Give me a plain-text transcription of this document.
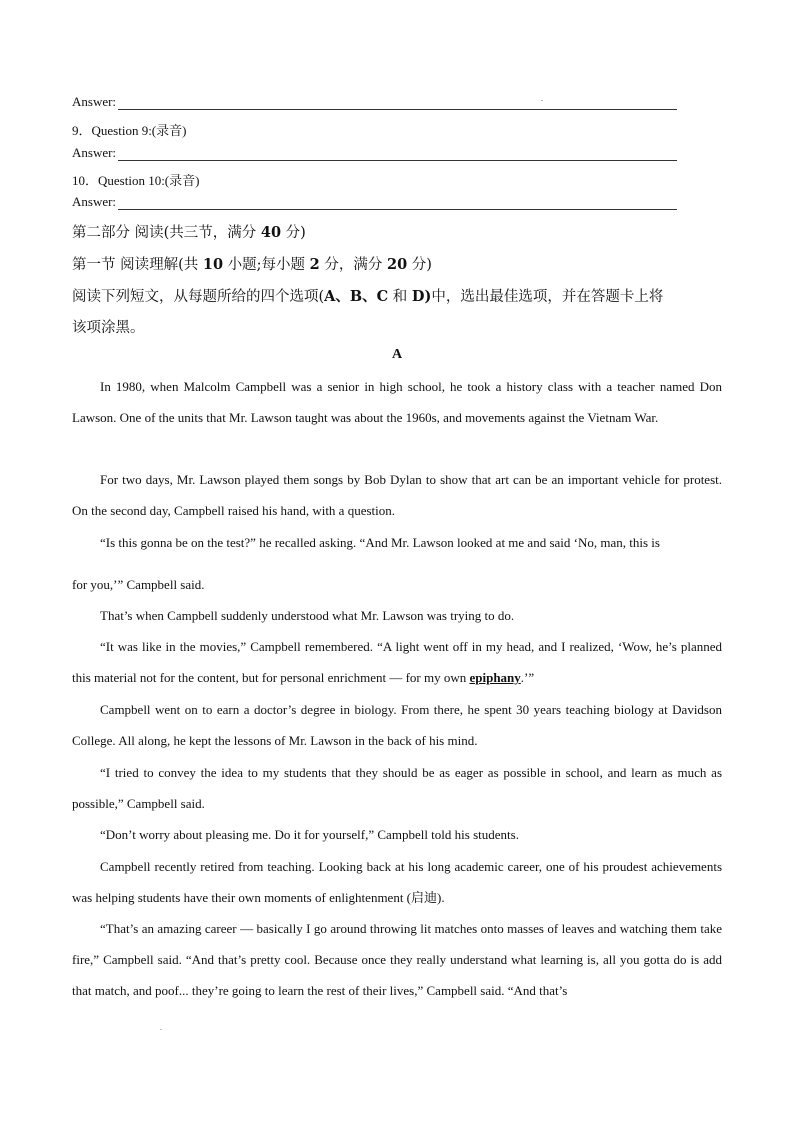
Answer:
9．Question 9:(录音)
Answer:
10．Question 10:(录音)
Answer:
第二部分 阅读(共三节，满分 40 分)
第一节 阅读理解(共 10 小题;每小题 2 分，满分 20 分)
阅读下列短文，从每题所给的四个选项(A、B、C 和 D)中，选出最佳选项，并在答题卡上将
该项涂黑。
A
In 1980, when Malcolm Campbell was a senior in high school, he took a history class with a teacher named Don Lawson. One of the units that Mr. Lawson taught was about the 1960s, and movements against the Vietnam War.
For two days, Mr. Lawson played them songs by Bob Dylan to show that art can be an important vehicle for protest. On the second day, Campbell raised his hand, with a question.
“Is this gonna be on the test?” he recalled asking. “And Mr. Lawson looked at me and said ‘No, man, this is
for you,’” Campbell said.
That’s when Campbell suddenly understood what Mr. Lawson was trying to do.
“It was like in the movies,” Campbell remembered. “A light went off in my head, and I realized, ‘Wow, he’s planned this material not for the content, but for personal enrichment — for my own epiphany.’”
Campbell went on to earn a doctor’s degree in biology. From there, he spent 30 years teaching biology at Davidson College. All along, he kept the lessons of Mr. Lawson in the back of his mind.
“I tried to convey the idea to my students that they should be as eager as possible in school, and learn as much as possible,” Campbell said.
“Don’t worry about pleasing me. Do it for yourself,” Campbell told his students.
Campbell recently retired from teaching. Looking back at his long academic career, one of his proudest achievements was helping students have their own moments of enlightenment (启迪).
“That’s an amazing career — basically I go around throwing lit matches onto masses of leaves and watching them take fire,” Campbell said. “And that’s pretty cool. Because once they really understand what learning is, all you gotta do is add that match, and poof... they’re going to learn the rest of their lives,” Campbell said. “And that’s
